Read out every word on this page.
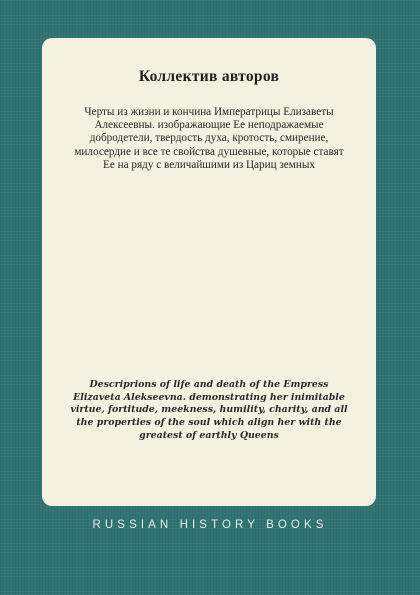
Коллектив авторов

Черты из жизни и кончина Императрицы Елизаветы Алексеевны. изображающие Ее неподражаемые добродетели, твердость духа, кротость, смирение, милосердие и все те свойства душевные, которые ставят Ее на ряду с величайшими из Цариц земных

Descriprions of life and death of the Empress Elizaveta Alekseevna. demonstrating her inimitable virtue, fortitude, meekness, humility, charity, and all the properties of the soul which align her with the greatest of earthly Queens

RUSSIAN HISTORY BOOKS
